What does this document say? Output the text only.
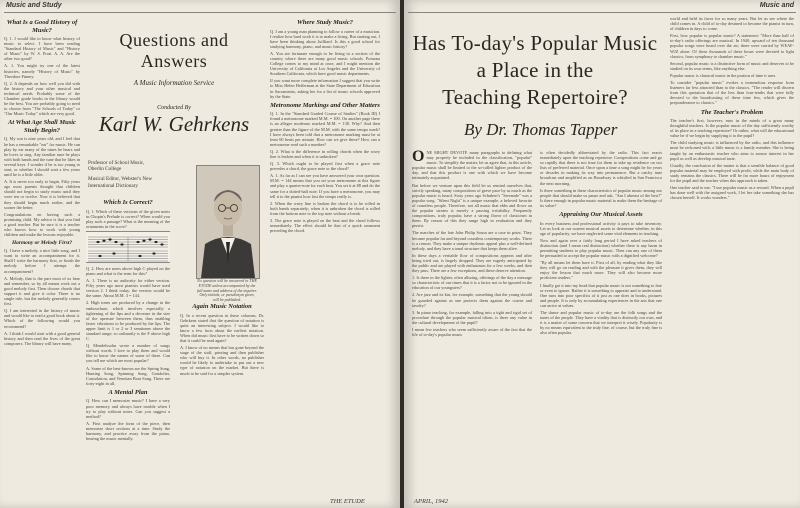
Music and Study
What Is a Good History of Music?

Q. 1. I would like to know what history of music to select. I have been reading "Standard History of Music" and "History of Music" by W. S. Pratt. A. A. Are the other two good?

A. 1. You might try one of the latest histories, namely "History of Music" by Theodore Finney.

Q. 2. It depends on how well you did with the history and your other musical and technical needs. Probably some of the Chamber grade books in the library would be the best. You are probably going to need to choose from "The Schools of Today" or "Our Music Today" which are very good.

At What Age Shall Music Study Begin?

Q. My son is nine years old, and I feel that he has a remarkable "ear" for music. He can play by ear many of the tunes he hears and he loves to sing. Any familiar tune he plays with both hands and the tune that he likes in several keys. I wonder if he is too young to start, or whether I should wait a few years until he is a little older.

A. It is never too early to begin. Fifty years ago most parents thought that children should not begin to study music until they were ten or twelve. Now it is believed that they should begin much earlier, and the sooner the better.

Congratulations on having such a promising child. My advice is that you find a good teacher. But be sure it is a teacher who knows how to work with young children and make the lessons enjoyable.

Harmony or Melody First?

Q. I have a melody, a nice little song, and I want to write an accompaniment for it. Shall I write the harmony first, or finish the melody before I attempt the accompaniment?

A. Melody, that is the part most of us hear and remember, so by all means work out a good melody first. Then choose chords that support it and give it color. There is no single rule, but the melody generally comes first.

Q. I am interested in the history of music and would like to read a good book about it. Which of the following would you recommend?

A. I think I would start with a good general history and then read the lives of the great composers. The library will have many.

Questions and
Answers
A Music Information Service
Conducted By
Karl W. Gehrkens
Professor of School Music,
Oberlin College
Musical Editor, Webster's New
International Dictionary
No question will be answered in THE ETUDE unless accompanied by the full name and address of the inquirer. Only initials, or pseudonym given, will be published.
Which Is Correct?

Q. 1. Which of these versions of the given notes in Chopin's Prelude is correct? When would you play such a passage? What is the meaning of the ornaments in the score?

Q. 2. How are notes above high C played on the piano and what is the term for this?

A. 1. There is no authority for either version. Fifty years ago most pianists would have used version 2. I think today, the version would be the same. About M.M. 3 = 144.

2. High tones are produced by a change in the embouchure, which involves especially a tightening of the lips and a decrease in the size of the aperture between them, thus enabling faster vibrations to be produced by the lips. The upper limit is 1 or 2 or 3 semitones above the standard range; so ordinarily is the F above high C.

Q. Mendelssohn wrote a number of songs without words. I love to play them and would like to know the names of some of these. Can you tell me which are most popular?

A. Some of the best-known are the Spring Song, Hunting Song, Spinning Song, Gondolier, Consolation, and Venetian Boat Song. There are forty-eight in all.

A Mental Plan

Q. How can I memorize music? I have a very poor memory and always have trouble when I try to play without notes. Can you suggest a method?

A. First analyze the form of the piece, then memorize short sections at a time. Study the harmony, and practice away from the piano, hearing the music mentally.

Again Music Notation

Q. In a recent question in these columns, Dr. Gehrkens stated that the question of notation is quite an interesting subject. I would like to know a few facts about the earliest notation. When did music first have to be written down so that it could be read again?

A. I know of no means that has gone beyond the stage of the staff, printing and then publisher who will buy it. In other words, no publisher would be likely to undertake to put out a new type of notation on the market. But there is much to be said for a simpler system.

Where Study Music?

Q. I am a young man planning to follow a career of a musician. I realize how hard work it is to make a living. But starting out, I have been thinking about Juilliard. Is this a good school for studying harmony, piano, and music history?

A. You are fortunate enough to be living in a section of the country where there are many good music schools. Pomona College comes to my mind at once, and I might mention the University of California at Los Angeles and the University of Southern California, which have good music departments.

If you want more complete information I suggest that you write to Miss Helen Hefferman at the State Department of Education in Sacramento, asking her for a list of music schools approved by the State.

Metronome Markings and Other Matters

Q. 1. In the "Standard Graded Course of Studies" (Book III) I found a metronome marked M.M. = 100. On another page there is an allegro moderato marked M.M. = 138. Why? And then greater than the figure of the M.M. with the same tempo mark? I have always been told that a metronome marking must be at least 60 beats per minute. How can we give these? How can a metronome read such a number?

Q. 2. What is the difference in rolling chords when the wavy line is broken and when it is unbroken?

Q. 3. Which ought to be played first when a grace note precedes a chord, the grace note or the chord?

A. 1. As far as I can see you have answered your own question. M.M. = 144 means that you set your metronome at this figure and play a quarter-note for each beat. You set it at 88 and do the same for a dotted-half note. If you have a metronome, you may tell it to the pianist how fast the tempo really is.

2. When the wavy line is broken the chord is to be rolled in both hands separately; when it is unbroken the chord is rolled from the bottom note to the top note without a break.

3. The grace note is played on the beat and the chord follows immediately. The effect should be that of a quick ornament preceding the chord.

THE ETUDE
Music and
Has To-day's Popular Music
a Place in the
Teaching Repertoire?
By Dr. Thomas Tapper

ONE MIGHT DEVOTE many paragraphs to defining what may properly be included in the classification, "popular" music. To simplify the matter, let us agree that, in this article, popular music shall be limited to the so-called lighter product of the day, and that this product is one with which we have become intimately acquainted.

But before we venture upon this field let us remind ourselves that, strictly speaking, many compositions of grave pace by as much as the popular music is heard. Sixty years ago Schubert's "Serenade" was a popular song. "Silent Night" is a unique example, a beloved favorite of countless people. Therefore, not all music that ebbs and flows on the popular stream is merely a passing irritability. Frequently compositions, truly popular, have a strong flavor of classicism in them. By reason of this they range high in evaluation and they persist.

The marches of the late John Philip Sousa are a case in point. They became popular far and beyond countless contemporary works. There is a reason. They make a unique rhythmic appeal plus a well-defined melody, and they have a tonal structure that keeps them alive.

In these days a veritable flow of compositions appears and after being tried out, is largely dropped. They are eagerly anticipated by the public and are played with enthusiasm for a few weeks, and then they pass. There are a few exceptions, and these deserve attention.

1. Is there in the lighter, often alluring, offerings of the day a message so characteristic of our times that it is a factor not to be ignored in the education of our youngsters?

2. Are jazz and its kin, for example, something that the young should be guarded against as one protects them against the coarse and tawdry?

3. In piano teaching, for example, falling into a tight and rigid set of procedure through the popular musical idiom, is there any value in the cultural development of the pupil?

I mean few teachers who seem sufficiently aware of the fact that the life of to-day's popular music

is often decidedly abbreviated by the radio. This fact reacts immediately upon the teaching repertoire. Compositions come and go so rapidly that there is not time for them to take up residence on our lists of preferred material. Once upon a time a song might be for years or decades in making its way into permanence. But a catchy tune broadcast and amplified as on Broadway is whistled in San Francisco the next morning.

Is there something in these characteristics of popular music among our people that should make us pause and ask, "Am I abreast of the best?" Is there enough in popular music material to make them the heritage of its value?

Appraising Our Musical Assets

In every business and professional activity it pays to take inventory. Let us look at our current musical assets to determine whether, in this age of popularity, we have neglected some vital elements in teaching.

Now and again over a fairly long period I have asked teachers of distinction (and I mean real distinction) whether there is any harm in permitting students to play popular music. Then can any one of them be persuaded to accept the popular music with a dignified welcome?

"By all means let them have it. First of all, by reading what they like they will go on reading and with the pleasure it gives them, they will enjoy the lesson that much more. They will also become more proficient readers."

I finally got it into my head that popular music is not something to fear or even to ignore. Rather it is something to appraise and to understand. One runs into poor specifics of it just as one does in books, pictures and people. It is only by accumulating experiences in the arts that one can arrive at values.

The dance and popular music of to-day are the folk songs and the tunes of the people. They have a vitality that is distinctly our own, and it is a matter of some concern that we interpret it wisely. Popularity is by no means equivalent to the truly fine, of course, but the truly fine is also often popular.

world and held its favor for so many years. But let us see where the child comes in. A child of to-day destined to become the pianist in turn, of children in days to come.

First, how popular is popular music? A statement: "More than half of to-day's radio offerings are musical. In 1940, upward of ten thousand popular songs were heard over the air; there were carried by WEAF-WJZ alone. Of these thousands of these hours were devoted to light classics, from symphony to chamber music."

Second, popular music is a distinctive form of music and deserves to be studied on its own terms, like anything else.

Popular music is classical music in the portion of time it uses.

To consider "popular music" evokes a tremendous response from listeners far less attracted than to the classics. "The reader will discern from this quotation that of the less than four-tenths that were fully devoted to the broadcasting of these time few, which gives the preponderance to classics."

The Teacher's Problem

The teacher's first, however, runs in the minds of a great many thoughtful teachers. Is the popular music of the day sufficiently worthy of its place in a teaching repertoire? Or rather, what will the educational value be if we begin by supplying it to the pupil?

The child studying music is influenced by the radio, and this influence must be reckoned with; a little music is a family member. She is being taught by an enthusiastic teacher who aims to arouse interest in her pupil as well as develop musical taste.

Usually, the conclusion of the matter is that a sensible balance of good popular material may be employed with profit, while the main body of study remains the classics. There will be far more hours of enjoyment for the pupil and the teacher when this approach is taken.

One teacher said to me, "I use popular music as a reward. When a pupil has done well with the assigned work, I let her take something she has chosen herself. It works wonders."

APRIL, 1942
